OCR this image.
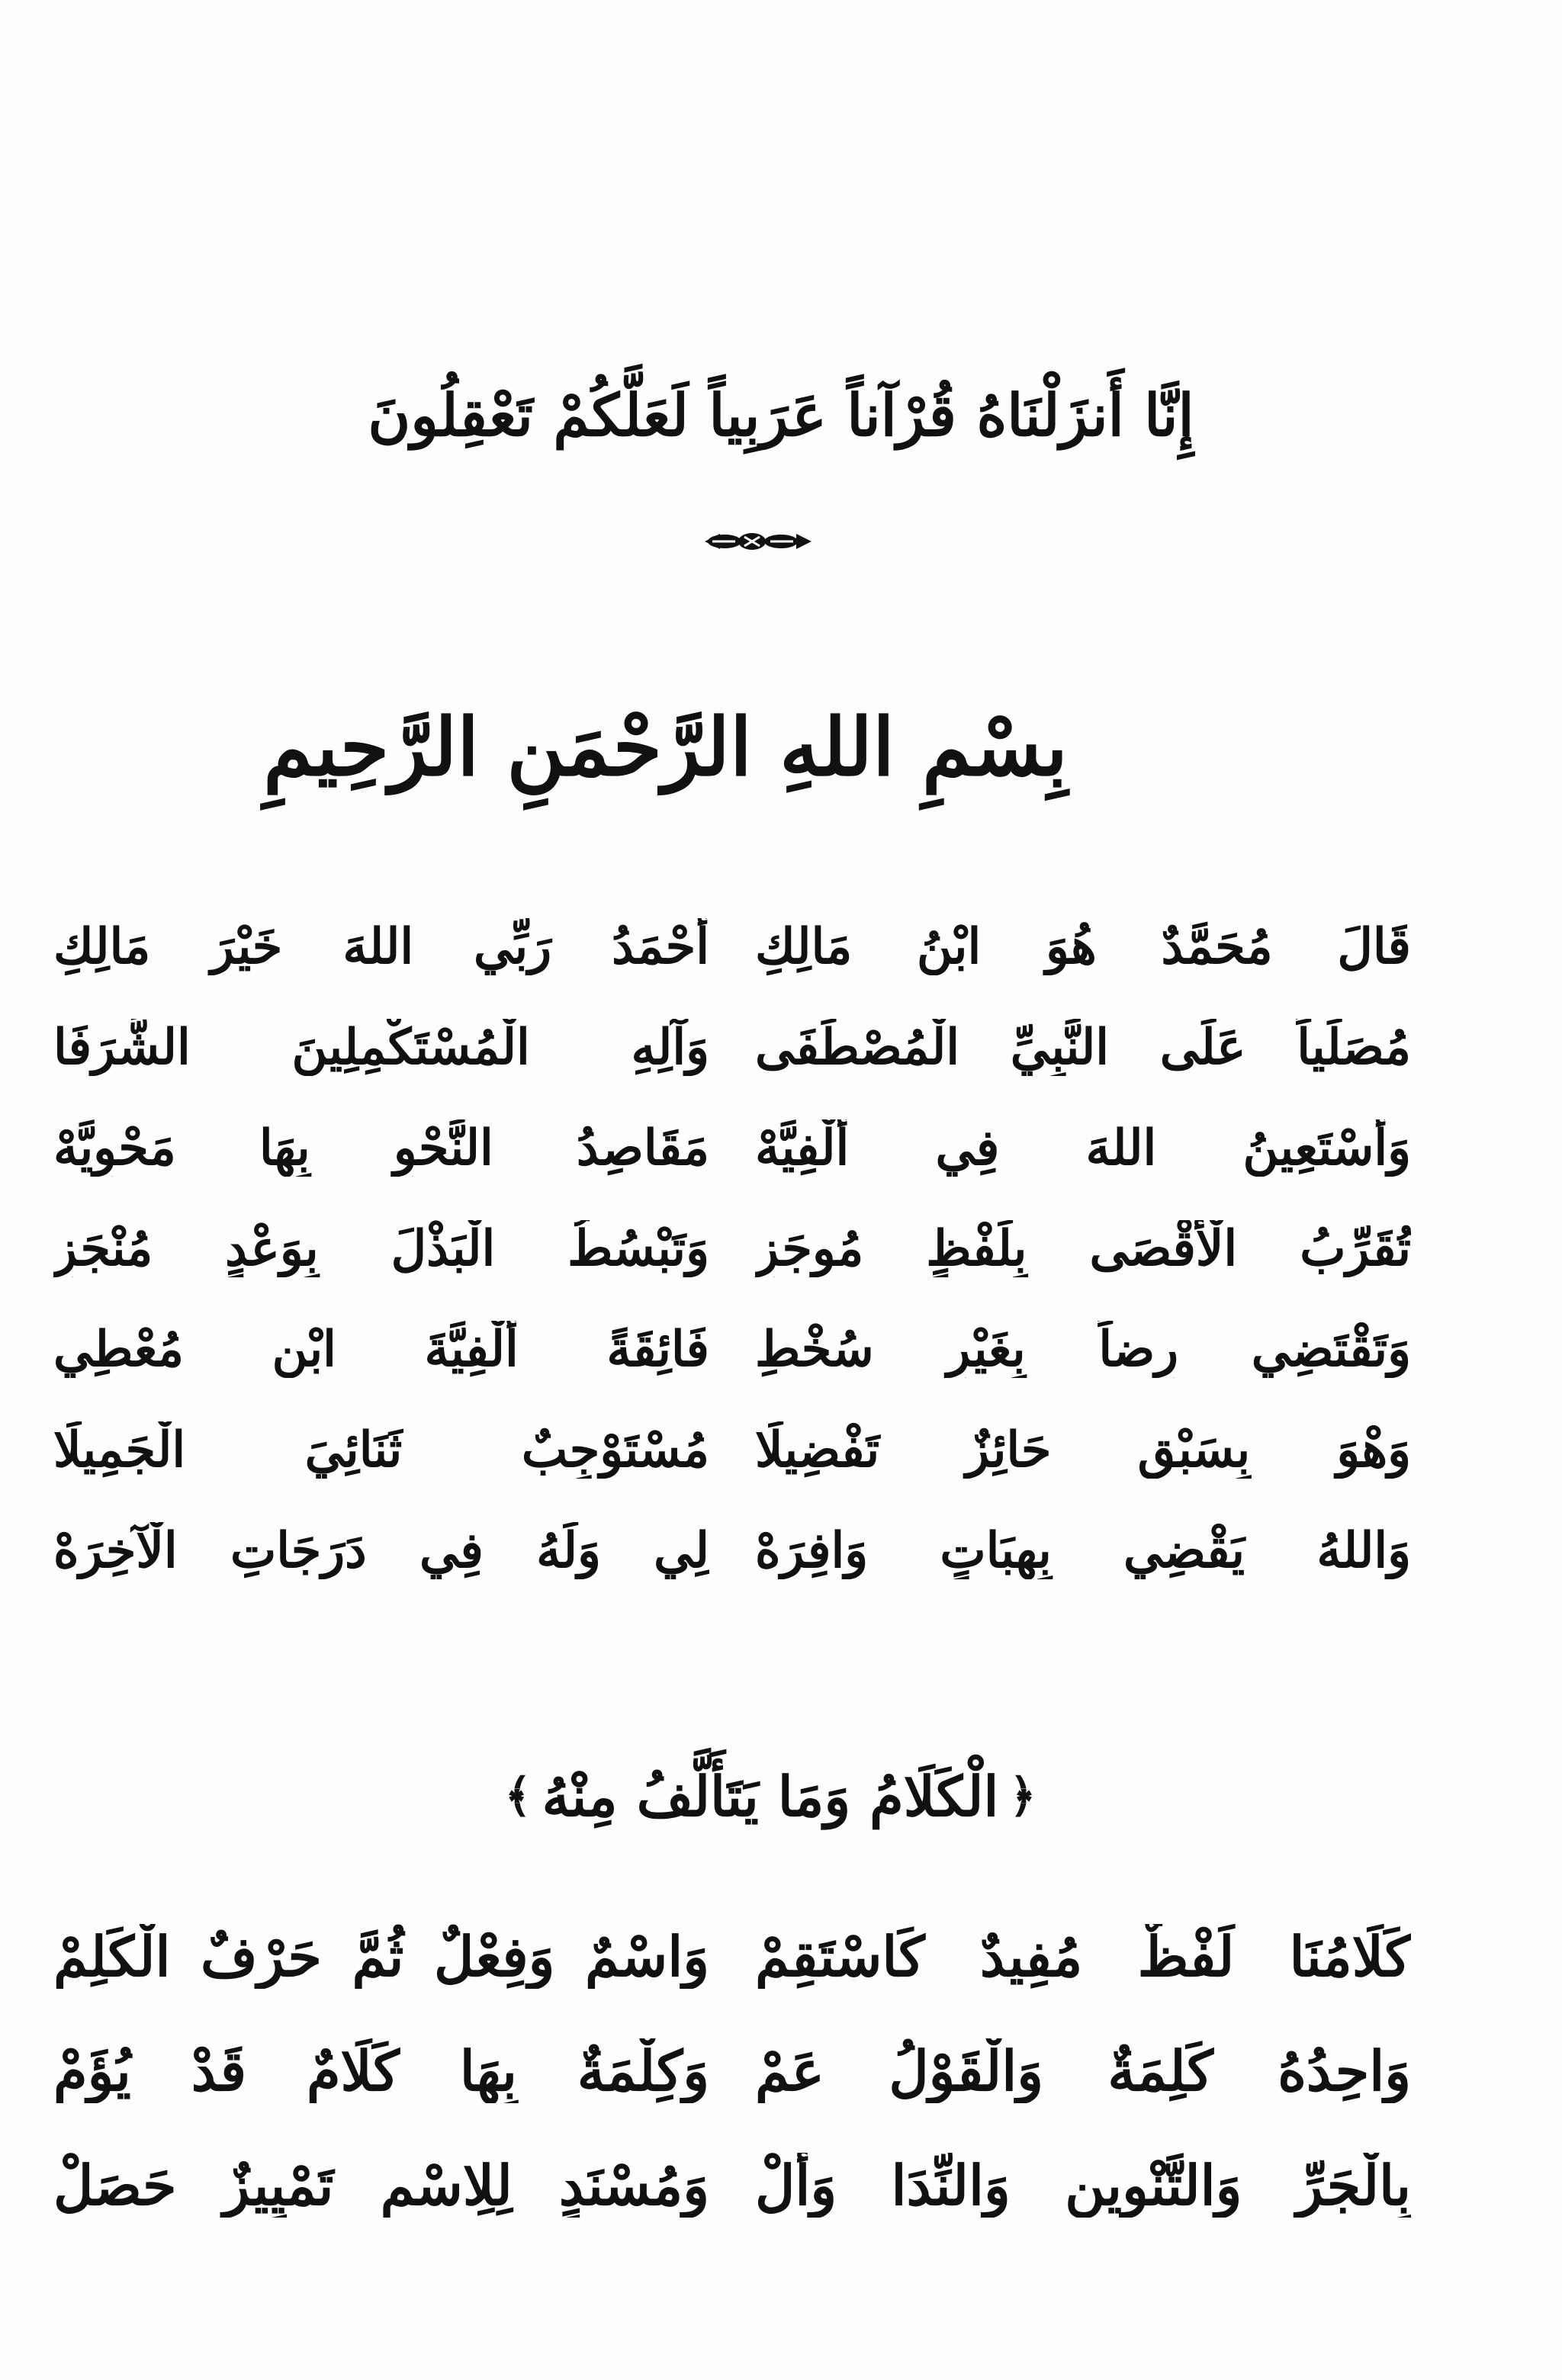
إِنَّا أَنزَلْنَاهُ قُرْآناً عَرَبِياً لَعَلَّكُمْ تَعْقِلُونَ
بِسْمِ اللهِ الرَّحْمَنِ الرَّحِيمِ
قَالَ مُحَمَّدٌ هُوَ ابْنُ مَالِكِ
أَحْمَدُ رَبِّي اللهَ خَيْرَ مَالِكِ
مُصَلِّياً عَلَى النَّبِيِّ الْمُصْطَفَى
وَآلِهِ الْمُسْتَكْمِلِينَ الشَّرَفَا
وَأَسْتَعِينُ اللهَ فِي أَلْفِيَّهْ
مَقَاصِدُ النَّحْوِ بِهَا مَحْوِيَّهْ
تُقَرِّبُ الْأَقْصَى بِلَفْظٍ مُوجَزِ
وَتَبْسُطُ الْبَذْلَ بِوَعْدٍ مُنْجَزِ
وَتَقْتَضِي رِضاً بِغَيْرِ سُخْطِ
فَائِقَةً أَلْفِيَّةَ ابْنِ مُعْطِي
وَهْوَ بِسَبْقٍ حَائِزٌ تَفْضِيلَا
مُسْتَوْجِبٌ ثَنَائِيَ الْجَمِيلَا
وَاللهُ يَقْضِي بِهِبَاتٍ وَافِرَهْ
لِي وَلَهُ فِي دَرَجَاتِ الْآخِرَهْ
﴿
الْكَلَامُ وَمَا يَتَأَلَّفُ مِنْهُ
﴾
كَلَامُنَا لَفْظٌ مُفِيدٌ كَاسْتَقِمْ
وَاسْمٌ وَفِعْلٌ ثُمَّ حَرْفٌ الْكَلِمْ
وَاحِدُهُ كَلِمَةٌ وَالْقَوْلُ عَمْ
وَكِلْمَةٌ بِهَا كَلَامٌ قَدْ يُؤَمْ
بِالْجَرِّ وَالتَّنْوِينِ وَالنِّدَا وَأَلْ
وَمُسْنَدٍ لِلِاسْمِ تَمْيِيزٌ حَصَلْ
